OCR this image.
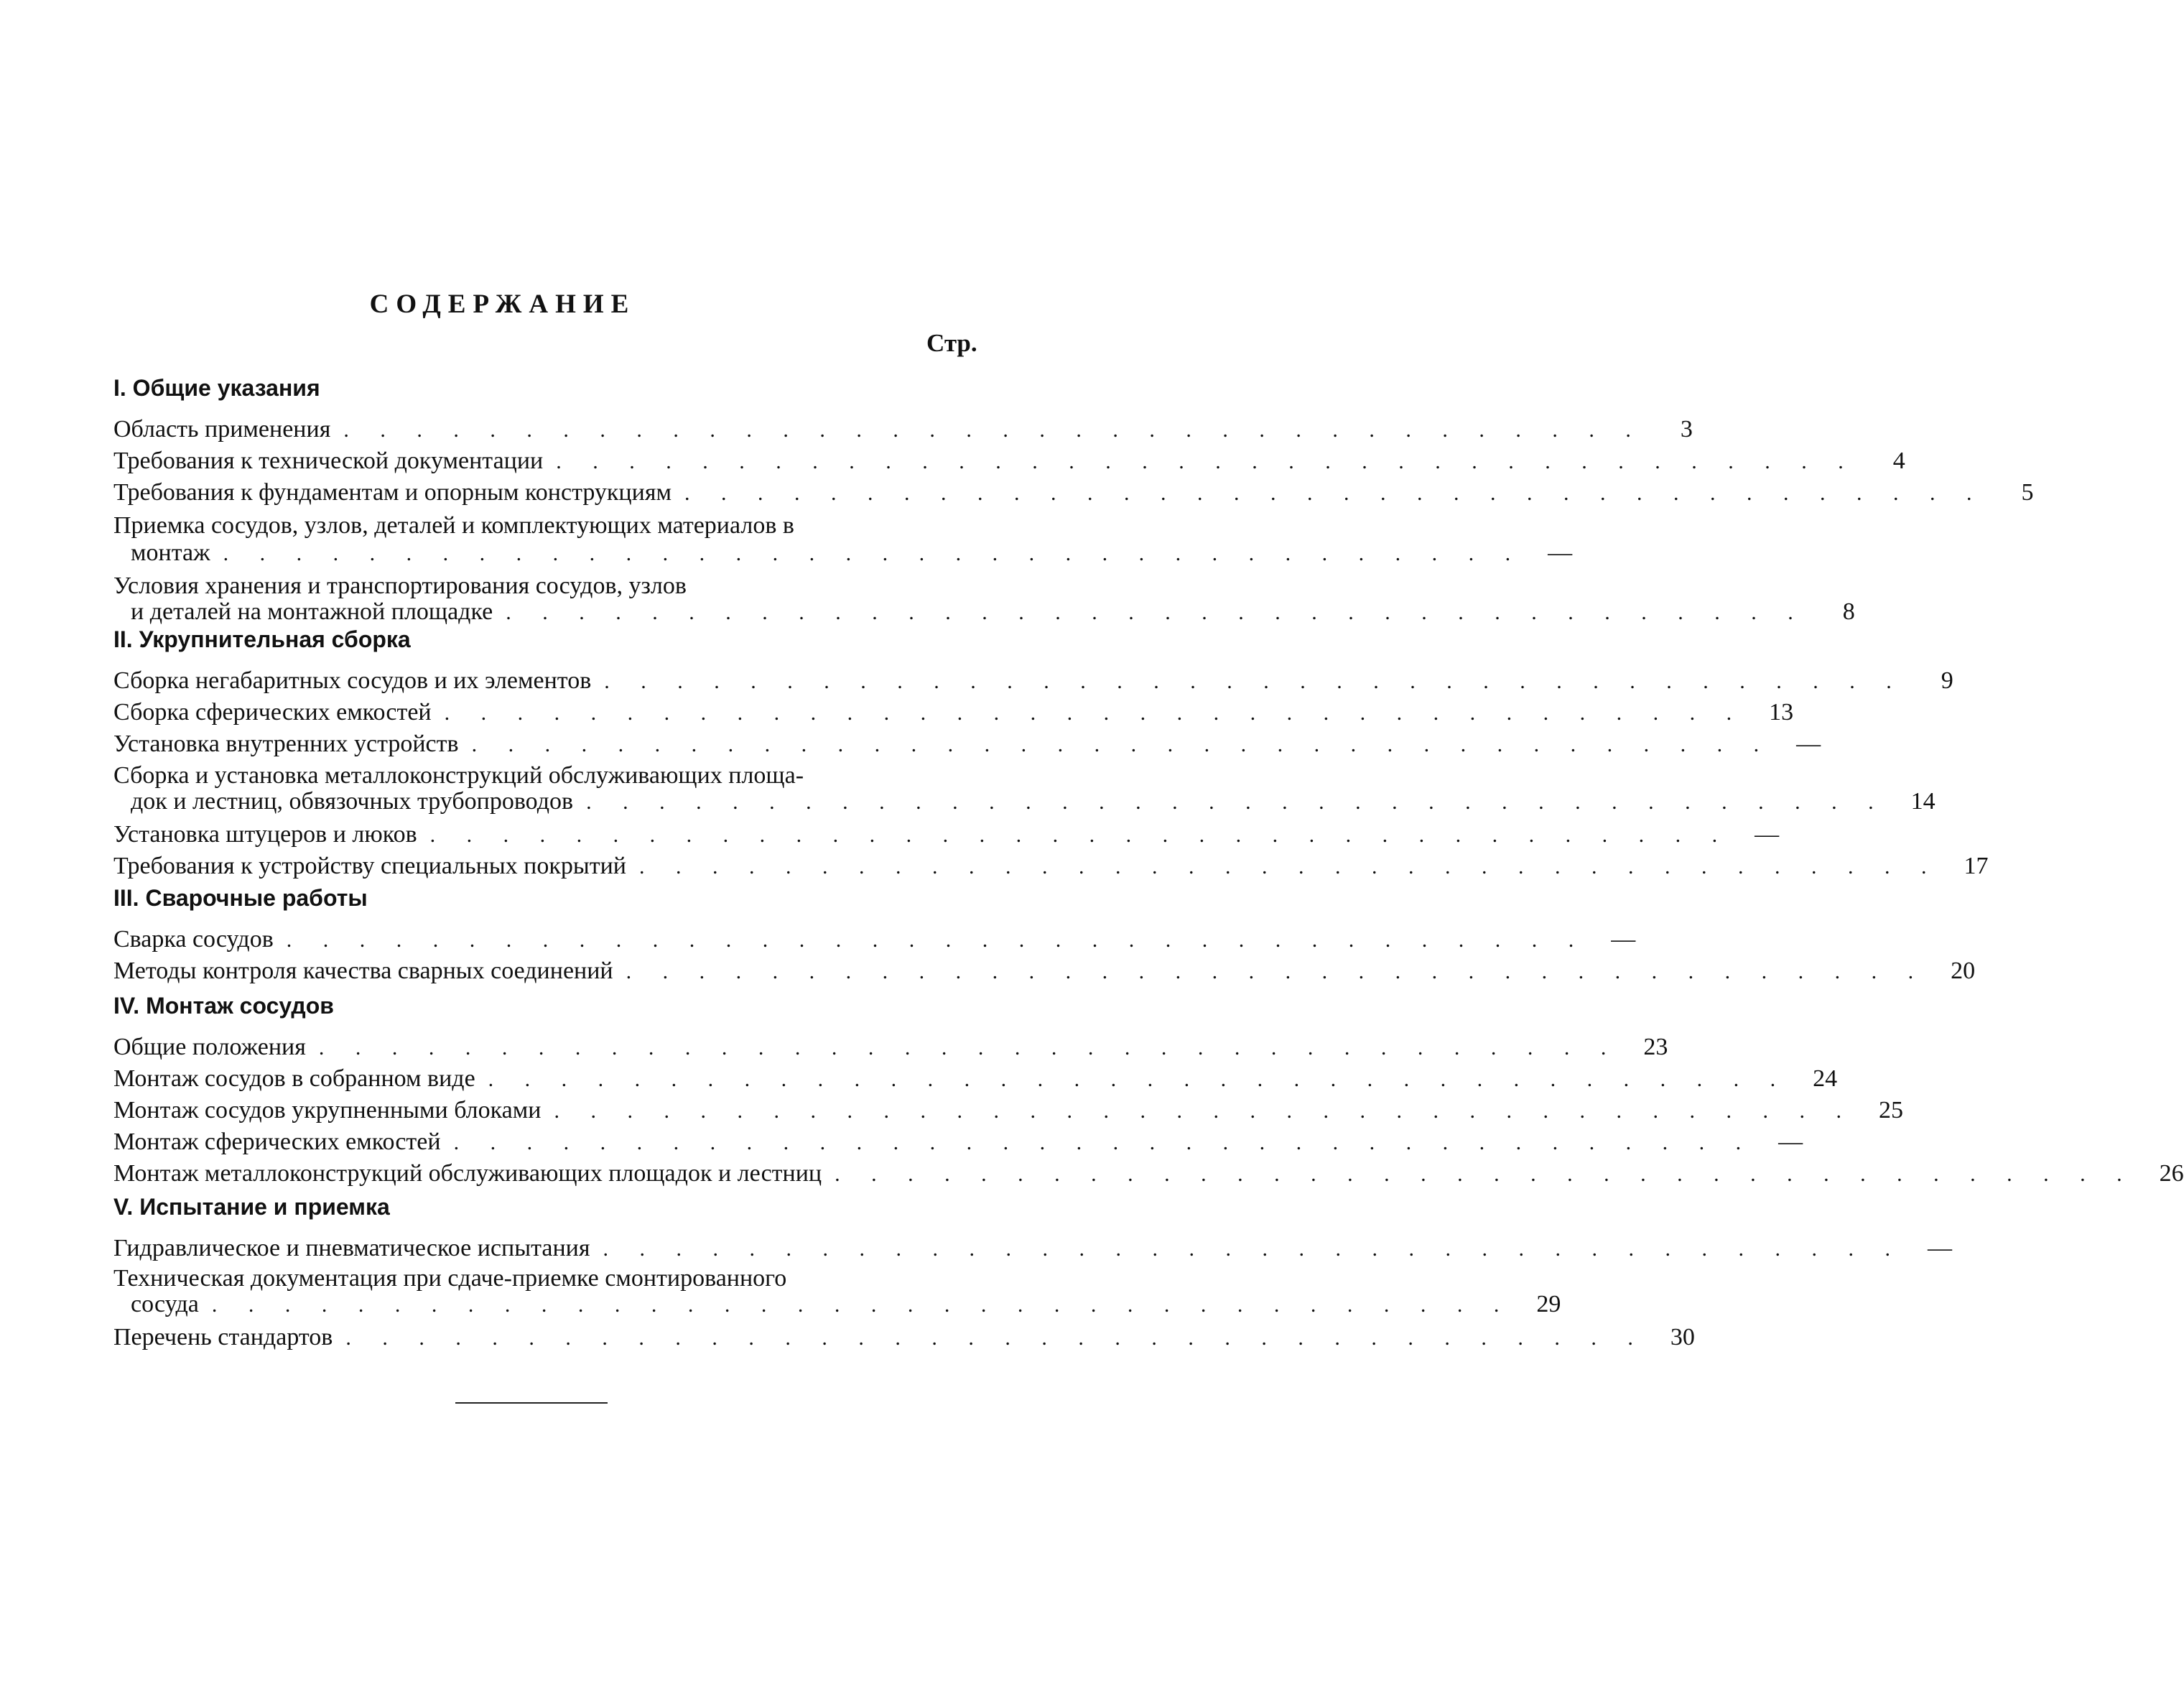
СОДЕРЖАНИЕ
Стр.
I. Общие указания
Область применения . . . . . . . . . . . . . . . . . . . . . . . . . . . . . . . . . . . .	3
Требования к технической документации . . . . . . . . . . . . . . . . . . . . . . . . . . . . . . . . . . . .	4
Требования к фундаментам и опорным конструкциям . . . . . . . . . . . . . . . . . . . . . . . . . . . . . . . . . . . .	5
Приемка сосудов, узлов, деталей и комплектующих материалов в
монтаж . . . . . . . . . . . . . . . . . . . . . . . . . . . . . . . . . . . .	—
Условия хранения и транспортирования сосудов, узлов
и деталей на монтажной площадке . . . . . . . . . . . . . . . . . . . . . . . . . . . . . . . . . . . .	8
II. Укрупнительная сборка
Сборка негабаритных сосудов и их элементов . . . . . . . . . . . . . . . . . . . . . . . . . . . . . . . . . . . .	9
Сборка сферических емкостей . . . . . . . . . . . . . . . . . . . . . . . . . . . . . . . . . . . .	13
Установка внутренних устройств . . . . . . . . . . . . . . . . . . . . . . . . . . . . . . . . . . . .	—
Сборка и установка металлоконструкций обслуживающих площа-
док и лестниц, обвязочных трубопроводов . . . . . . . . . . . . . . . . . . . . . . . . . . . . . . . . . . . .	14
Установка штуцеров и люков . . . . . . . . . . . . . . . . . . . . . . . . . . . . . . . . . . . .	—
Требования к устройству специальных покрытий . . . . . . . . . . . . . . . . . . . . . . . . . . . . . . . . . . . .	17
III. Сварочные работы
Сварка сосудов . . . . . . . . . . . . . . . . . . . . . . . . . . . . . . . . . . . .	—
Методы контроля качества сварных соединений . . . . . . . . . . . . . . . . . . . . . . . . . . . . . . . . . . . .	20
IV. Монтаж сосудов
Общие положения . . . . . . . . . . . . . . . . . . . . . . . . . . . . . . . . . . . .	23
Монтаж сосудов в собранном виде . . . . . . . . . . . . . . . . . . . . . . . . . . . . . . . . . . . .	24
Монтаж сосудов укрупненными блоками . . . . . . . . . . . . . . . . . . . . . . . . . . . . . . . . . . . .	25
Монтаж сферических емкостей . . . . . . . . . . . . . . . . . . . . . . . . . . . . . . . . . . . .	—
Монтаж металлоконструкций обслуживающих площадок и лестниц . . . . . . . . . . . . . . . . . . . . . . . . . . . . . . . . . . . .	26
V. Испытание и приемка
Гидравлическое и пневматическое испытания . . . . . . . . . . . . . . . . . . . . . . . . . . . . . . . . . . . .	—
Техническая документация при сдаче-приемке смонтированного
сосуда . . . . . . . . . . . . . . . . . . . . . . . . . . . . . . . . . . . .	29
Перечень стандартов . . . . . . . . . . . . . . . . . . . . . . . . . . . . . . . . . . . .	30
